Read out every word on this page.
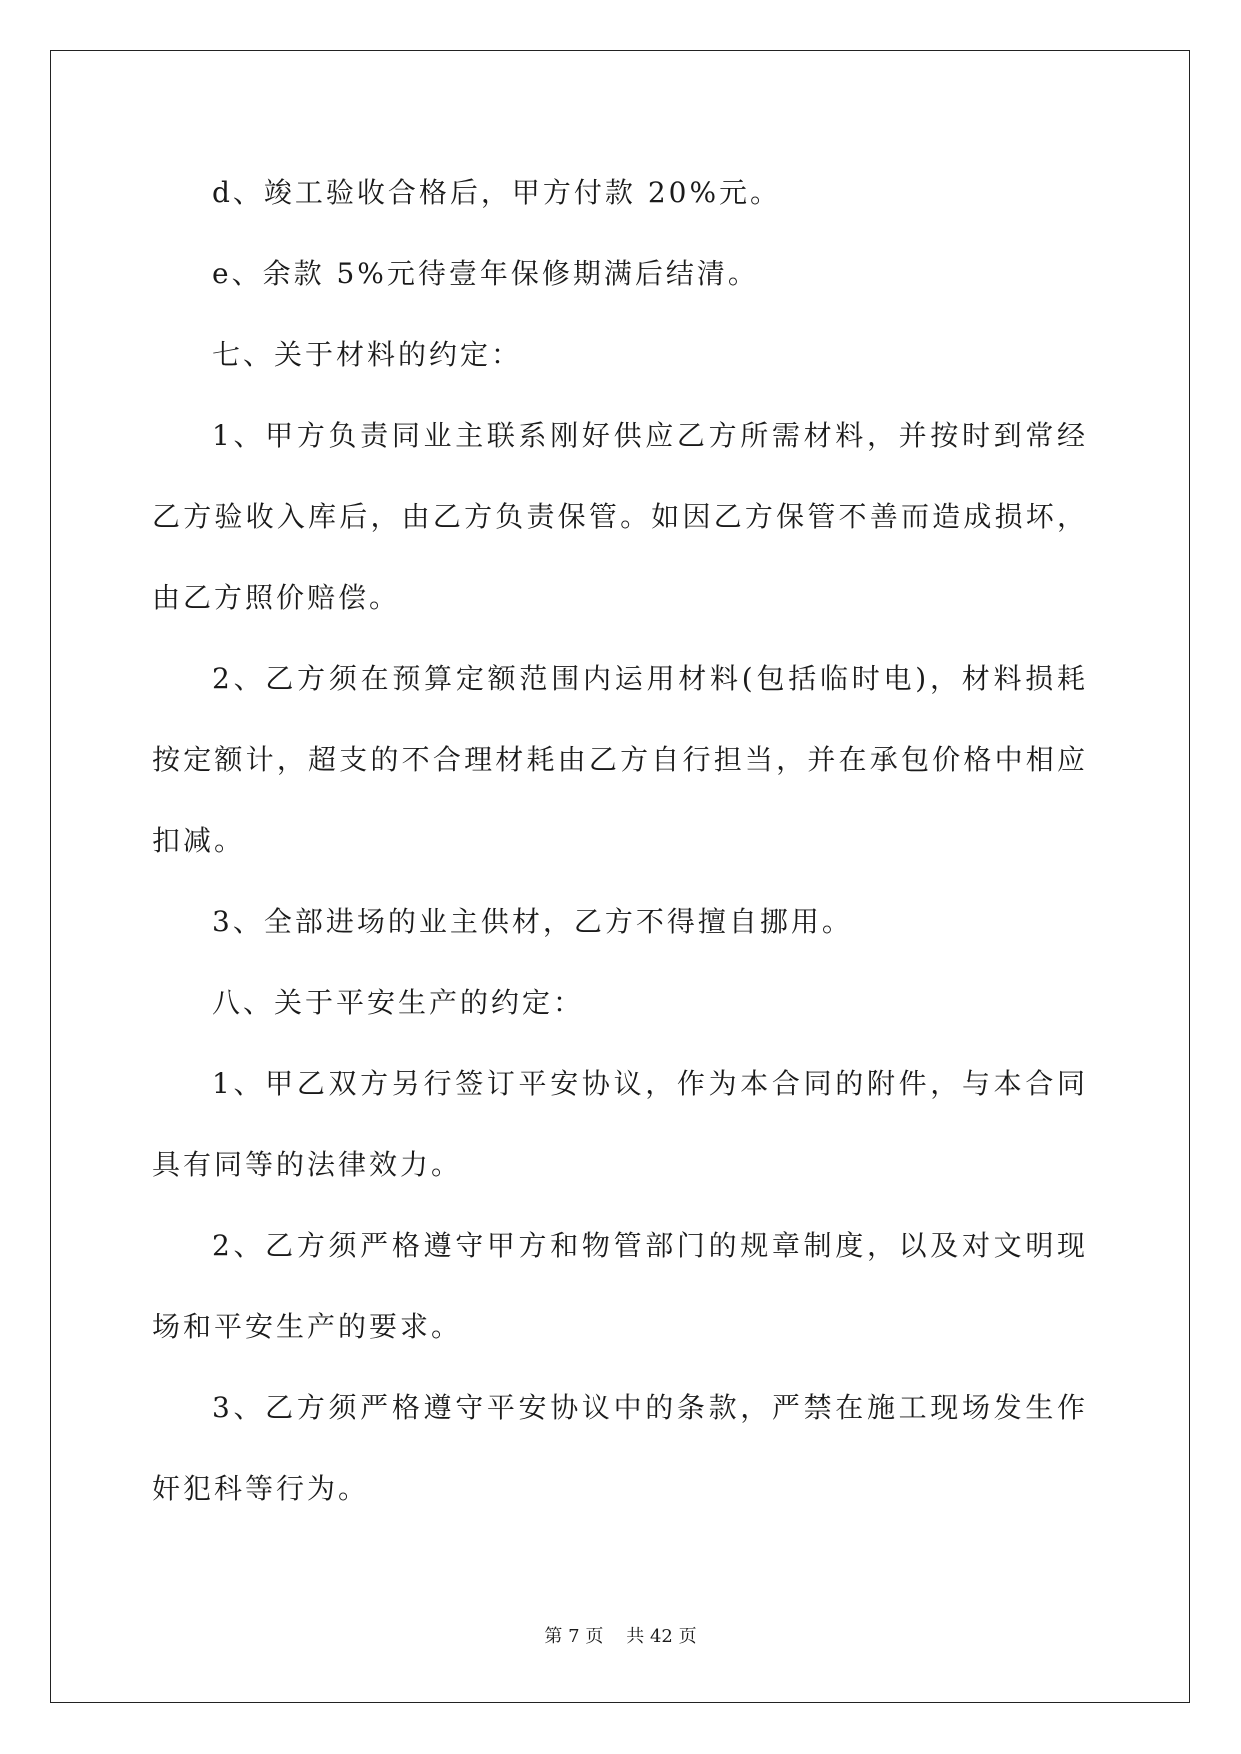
d、竣工验收合格后，甲方付款 20%元。

e、余款 5%元待壹年保修期满后结清。

七、关于材料的约定：

1、甲方负责同业主联系刚好供应乙方所需材料，并按时到常经乙方验收入库后，由乙方负责保管。如因乙方保管不善而造成损坏，由乙方照价赔偿。

2、乙方须在预算定额范围内运用材料(包括临时电)，材料损耗按定额计，超支的不合理材耗由乙方自行担当，并在承包价格中相应扣减。

3、全部进场的业主供材，乙方不得擅自挪用。

八、关于平安生产的约定：

1、甲乙双方另行签订平安协议，作为本合同的附件，与本合同具有同等的法律效力。

2、乙方须严格遵守甲方和物管部门的规章制度，以及对文明现场和平安生产的要求。

3、乙方须严格遵守平安协议中的条款，严禁在施工现场发生作奸犯科等行为。

第 7 页 共 42 页
